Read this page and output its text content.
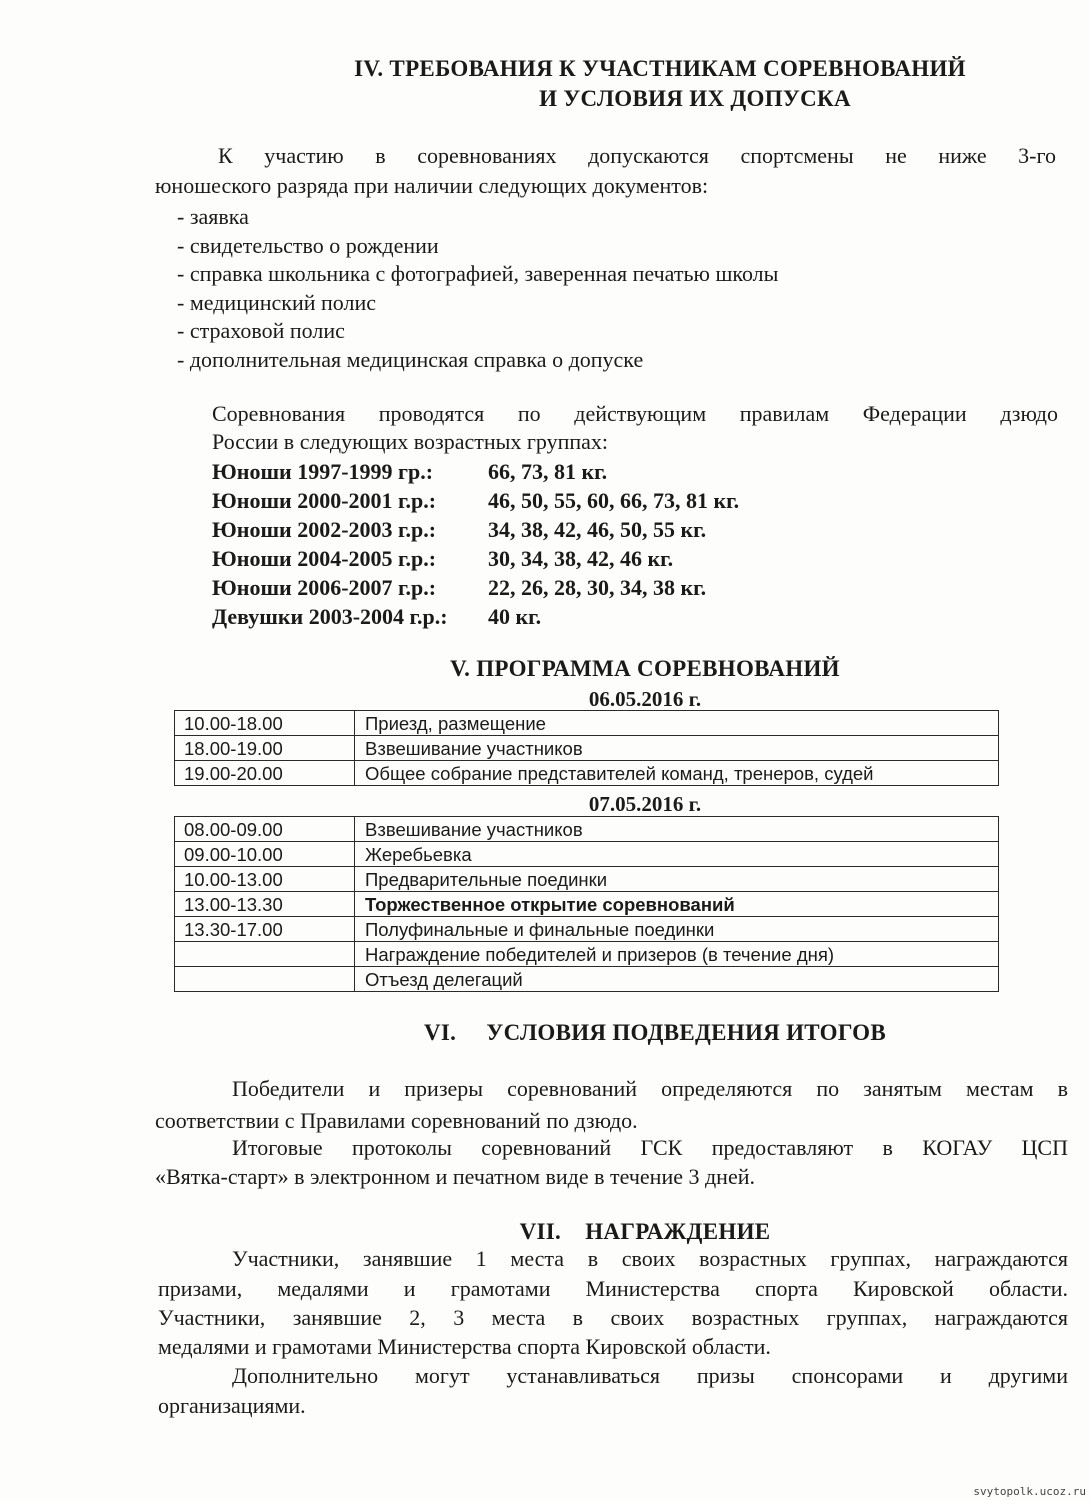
IV. ТРЕБОВАНИЯ К УЧАСТНИКАМ СОРЕВНОВАНИЙ
И УСЛОВИЯ ИХ ДОПУСКА
К участию в соревнованиях допускаются спортсмены не ниже 3-го
юношеского разряда при наличии следующих документов:
- заявка
- свидетельство о рождении
- справка школьника с фотографией, заверенная печатью школы
- медицинский полис
- страховой полис
- дополнительная медицинская справка о допуске
Соревнования проводятся по действующим правилам Федерации дзюдо
России в следующих возрастных группах:
Юноши 1997-1999 гр.: 66, 73, 81 кг.
Юноши 2000-2001 г.р.: 46, 50, 55, 60, 66, 73, 81 кг.
Юноши 2002-2003 г.р.: 34, 38, 42, 46, 50, 55 кг.
Юноши 2004-2005 г.р.: 30, 34, 38, 42, 46 кг.
Юноши 2006-2007 г.р.: 22, 26, 28, 30, 34, 38 кг.
Девушки 2003-2004 г.р.: 40 кг.
V. ПРОГРАММА СОРЕВНОВАНИЙ
06.05.2016 г.
10.00-18.00	Приезд, размещение
18.00-19.00	Взвешивание участников
19.00-20.00	Общее собрание представителей команд, тренеров, судей
07.05.2016 г.
08.00-09.00	Взвешивание участников
09.00-10.00	Жеребьевка
10.00-13.00	Предварительные поединки
13.00-13.30	Торжественное открытие соревнований
13.30-17.00	Полуфинальные и финальные поединки
	Награждение победителей и призеров (в течение дня)
	Отъезд делегаций
VI.     УСЛОВИЯ ПОДВЕДЕНИЯ ИТОГОВ
Победители и призеры соревнований определяются по занятым местам в
соответствии с Правилами соревнований по дзюдо.
Итоговые протоколы соревнований ГСК предоставляют в КОГАУ ЦСП
«Вятка-старт» в электронном и печатном виде в течение 3 дней.
VII.    НАГРАЖДЕНИЕ
Участники, занявшие 1 места в своих возрастных группах, награждаются
призами, медалями и грамотами Министерства спорта Кировской области.
Участники, занявшие 2, 3 места в своих возрастных группах, награждаются
медалями и грамотами Министерства спорта Кировской области.
Дополнительно могут устанавливаться призы спонсорами и другими
организациями.
svytopolk.ucoz.ru
